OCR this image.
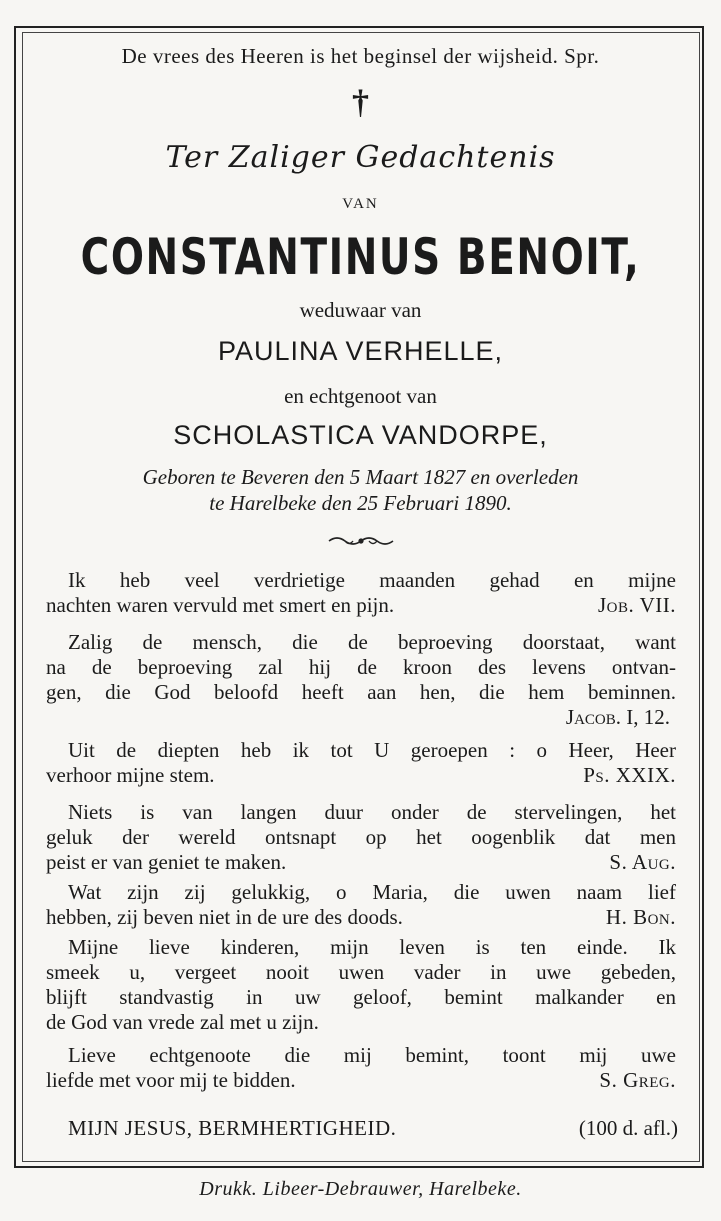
De vrees des Heeren is het beginsel der wijsheid. Spr.
†
Ter Zaliger Gedachtenis
VAN
CONSTANTINUS BENOIT,
weduwaar van
PAULINA VERHELLE,
en echtgenoot van
SCHOLASTICA VANDORPE,
Geboren te Beveren den 5 Maart 1827 en overleden
te Harelbeke den 25 Februari 1890.
Ik heb veel verdrietige maanden gehad en mijne
nachten waren vervuld met smert en pijn.	Job. VII.
Zalig de mensch, die de beproeving doorstaat, want
na de beproeving zal hij de kroon des levens ontvan-
gen, die God beloofd heeft aan hen, die hem beminnen.
Jacob. I, 12.
Uit de diepten heb ik tot U geroepen : o Heer, Heer
verhoor mijne stem.	Ps. XXIX.
Niets is van langen duur onder de stervelingen, het
geluk der wereld ontsnapt op het oogenblik dat men
peist er van geniet te maken.	S. Aug.
Wat zijn zij gelukkig, o Maria, die uwen naam lief
hebben, zij beven niet in de ure des doods.	H. Bon.
Mijne lieve kinderen, mijn leven is ten einde. Ik
smeek u, vergeet nooit uwen vader in uwe gebeden,
blijft standvastig in uw geloof, bemint malkander en
de God van vrede zal met u zijn.
Lieve echtgenoote die mij bemint, toont mij uwe
liefde met voor mij te bidden.	S. Greg.
MIJN JESUS, BERMHERTIGHEID.	(100 d. afl.)
Drukk. Libeer-Debrauwer, Harelbeke.
